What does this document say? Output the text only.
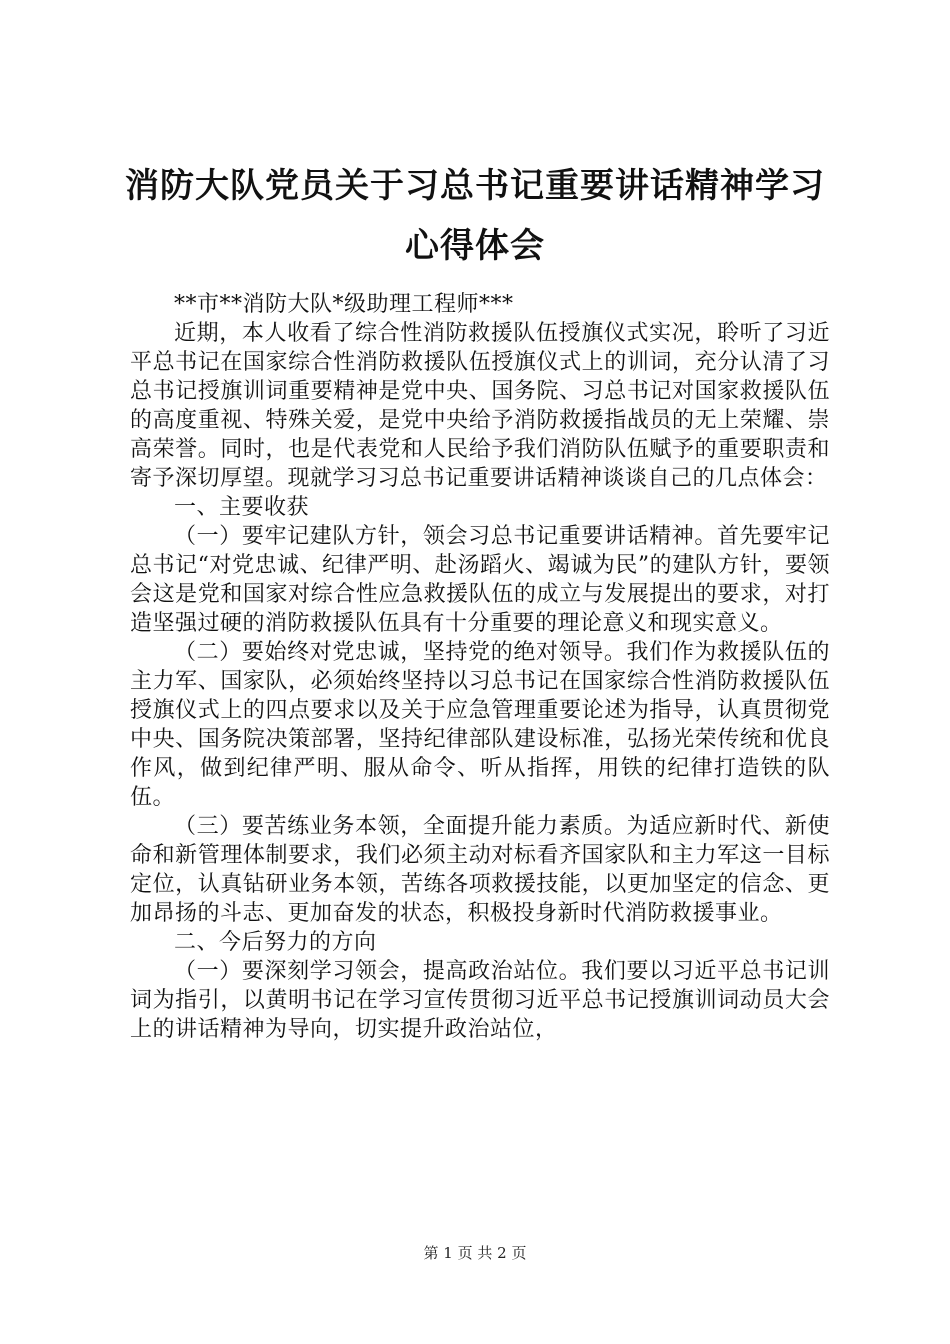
消防大队党员关于习总书记重要讲话精神学习
心得体会

**市**消防大队*级助理工程师***

近期，本人收看了综合性消防救援队伍授旗仪式实况，聆听了习近平总书记在国家综合性消防救援队伍授旗仪式上的训词，充分认清了习总书记授旗训词重要精神是党中央、国务院、习总书记对国家救援队伍的高度重视、特殊关爱，是党中央给予消防救援指战员的无上荣耀、崇高荣誉。同时，也是代表党和人民给予我们消防队伍赋予的重要职责和寄予深切厚望。现就学习习总书记重要讲话精神谈谈自己的几点体会：

一、主要收获

（一）要牢记建队方针，领会习总书记重要讲话精神。首先要牢记总书记“对党忠诚、纪律严明、赴汤蹈火、竭诚为民”的建队方针，要领会这是党和国家对综合性应急救援队伍的成立与发展提出的要求，对打造坚强过硬的消防救援队伍具有十分重要的理论意义和现实意义。

（二）要始终对党忠诚，坚持党的绝对领导。我们作为救援队伍的主力军、国家队，必须始终坚持以习总书记在国家综合性消防救援队伍授旗仪式上的四点要求以及关于应急管理重要论述为指导，认真贯彻党中央、国务院决策部署，坚持纪律部队建设标准，弘扬光荣传统和优良作风，做到纪律严明、服从命令、听从指挥，用铁的纪律打造铁的队伍。

（三）要苦练业务本领，全面提升能力素质。为适应新时代、新使命和新管理体制要求，我们必须主动对标看齐国家队和主力军这一目标定位，认真钻研业务本领，苦练各项救援技能，以更加坚定的信念、更加昂扬的斗志、更加奋发的状态，积极投身新时代消防救援事业。

二、今后努力的方向

（一）要深刻学习领会，提高政治站位。我们要以习近平总书记训词为指引，以黄明书记在学习宣传贯彻习近平总书记授旗训词动员大会上的讲话精神为导向，切实提升政治站位，

第 1 页 共 2 页
